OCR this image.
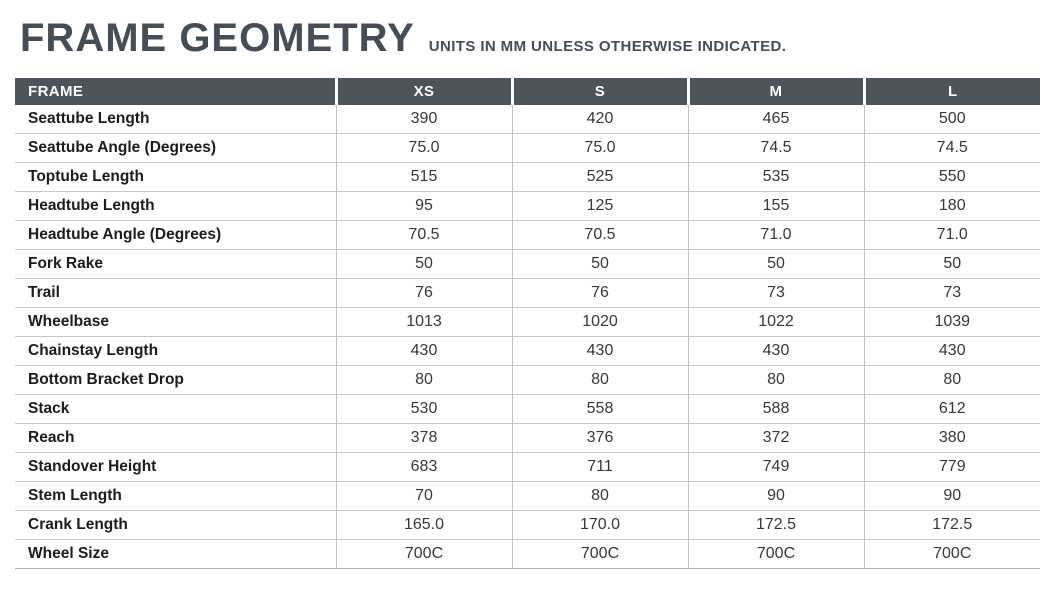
FRAME GEOMETRY UNITS IN MM UNLESS OTHERWISE INDICATED.
FRAME	XS	S	M	L
Seattube Length	390	420	465	500
Seattube Angle (Degrees)	75.0	75.0	74.5	74.5
Toptube Length	515	525	535	550
Headtube Length	95	125	155	180
Headtube Angle (Degrees)	70.5	70.5	71.0	71.0
Fork Rake	50	50	50	50
Trail	76	76	73	73
Wheelbase	1013	1020	1022	1039
Chainstay Length	430	430	430	430
Bottom Bracket Drop	80	80	80	80
Stack	530	558	588	612
Reach	378	376	372	380
Standover Height	683	711	749	779
Stem Length	70	80	90	90
Crank Length	165.0	170.0	172.5	172.5
Wheel Size	700C	700C	700C	700C
